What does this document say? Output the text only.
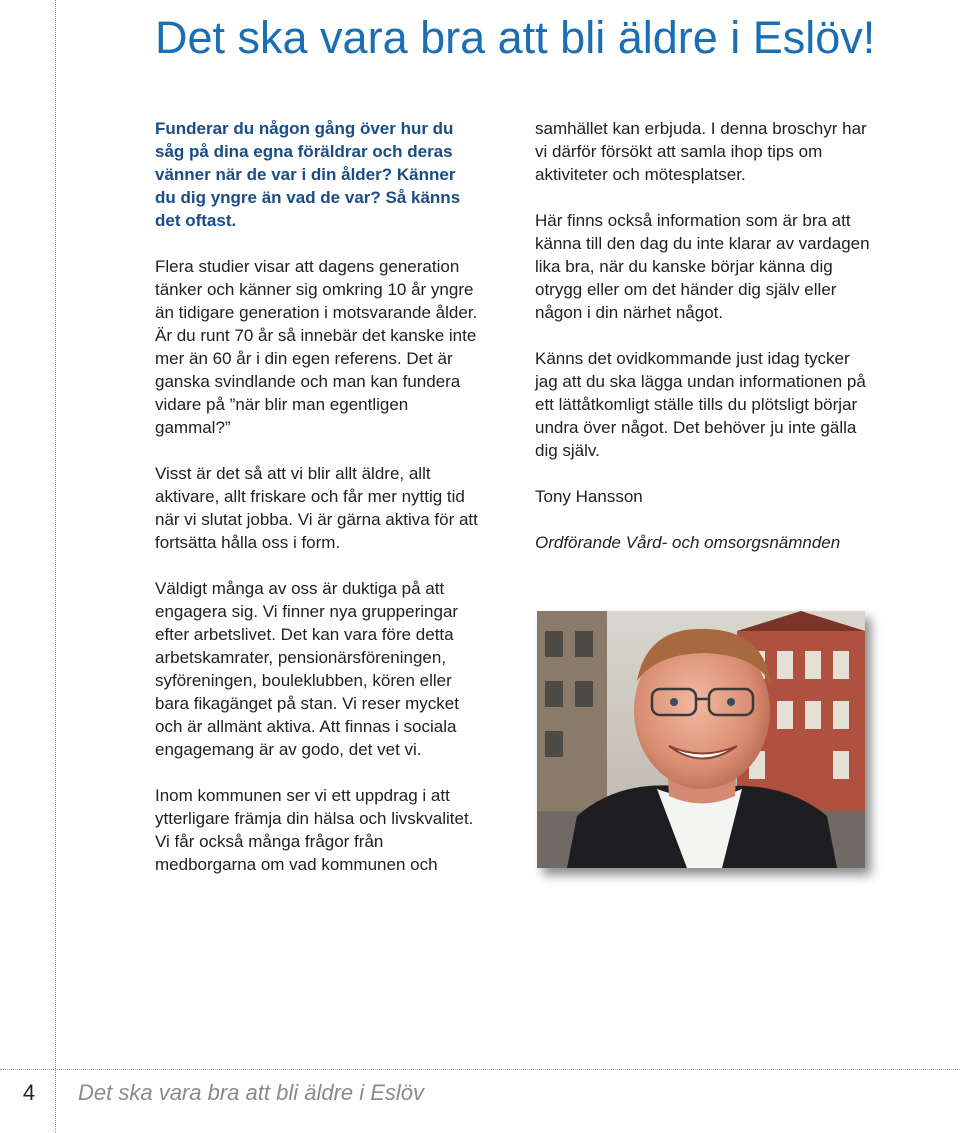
Det ska vara bra att bli äldre i Eslöv!

Funderar du någon gång över hur du såg på dina egna föräldrar och deras vänner när de var i din ålder? Känner du dig yngre än vad de var? Så känns det oftast.

Flera studier visar att dagens generation tänker och känner sig omkring 10 år yngre än tidigare generation i motsvarande ålder. Är du runt 70 år så innebär det kanske inte mer än 60 år i din egen referens. Det är ganska svindlande och man kan fundera vidare på ”när blir man egentligen gammal?”

Visst är det så att vi blir allt äldre, allt aktivare, allt friskare och får mer nyttig tid när vi slutat jobba. Vi är gärna aktiva för att fortsätta hålla oss i form.

Väldigt många av oss är duktiga på att engagera sig. Vi finner nya grupperingar efter arbetslivet. Det kan vara före detta arbetskamrater, pensionärsföreningen, syföreningen, bouleklubben, kören eller bara fikagänget på stan. Vi reser mycket och är allmänt aktiva. Att finnas i sociala engagemang är av godo, det vet vi.

Inom kommunen ser vi ett uppdrag i att ytterligare främja din hälsa och livskvalitet. Vi får också många frågor från medborgarna om vad kommunen och

samhället kan erbjuda. I denna broschyr har vi därför försökt att samla ihop tips om aktiviteter och mötesplatser.

Här finns också information som är bra att känna till den dag du inte klarar av vardagen lika bra, när du kanske börjar känna dig otrygg eller om det händer dig själv eller någon i din närhet något.

Känns det ovidkommande just idag tycker jag att du ska lägga undan informationen på ett lättåtkomligt ställe tills du plötsligt börjar undra över något. Det behöver ju inte gälla dig själv.

Tony Hansson

Ordförande Vård- och omsorgsnämnden

4	Det ska vara bra att bli äldre i Eslöv
